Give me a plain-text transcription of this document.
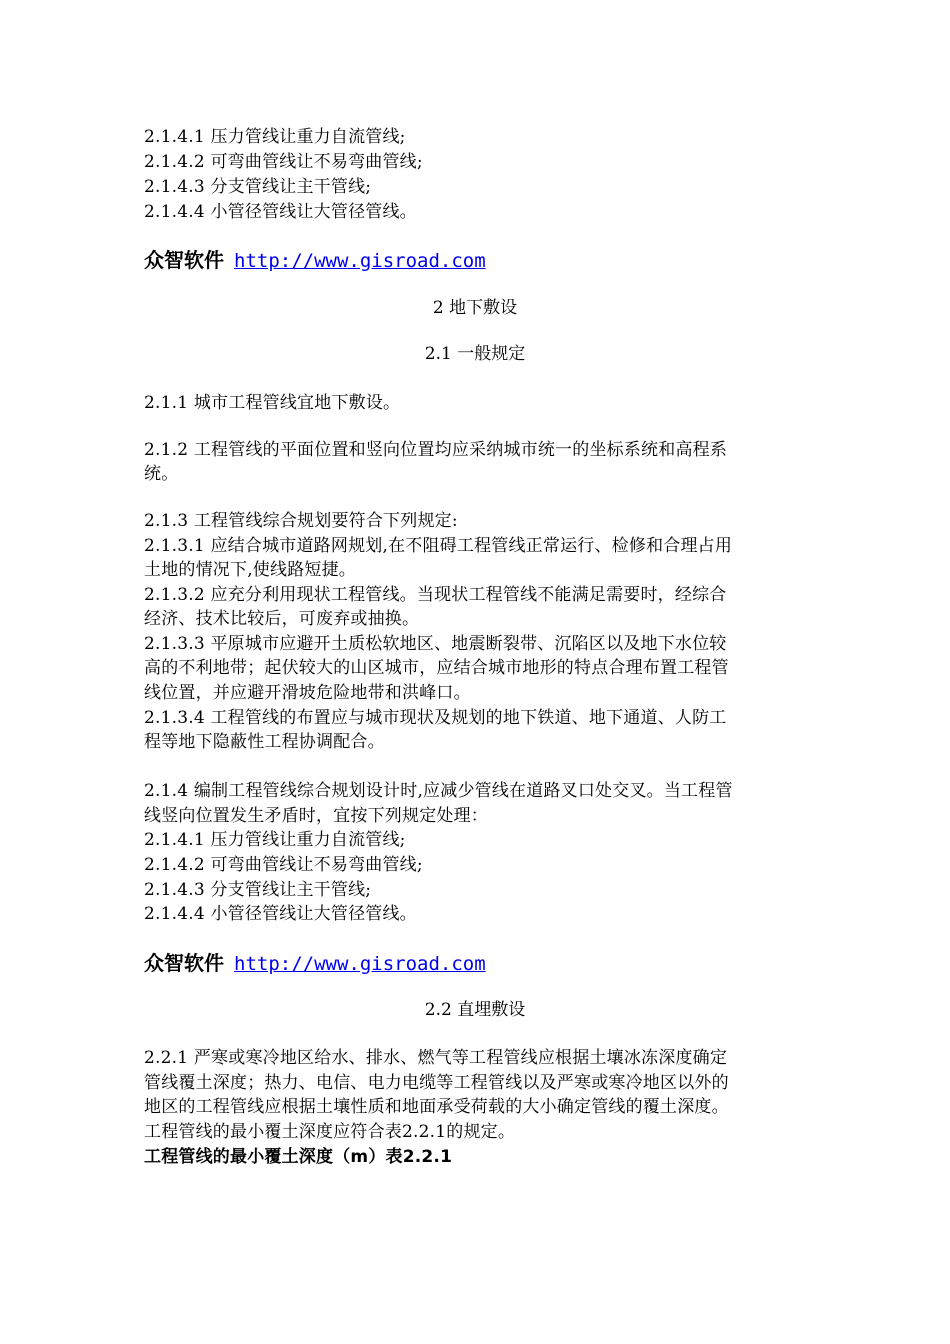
2.1.4.1 压力管线让重力自流管线;
2.1.4.2 可弯曲管线让不易弯曲管线;
2.1.4.3 分支管线让主干管线;
2.1.4.4 小管径管线让大管径管线。
众智软件 http://www.gisroad.com
2 地下敷设
2.1 一般规定
2.1.1 城市工程管线宜地下敷设。
2.1.2 工程管线的平面位置和竖向位置均应采纳城市统一的坐标系统和高程系
统。
2.1.3 工程管线综合规划要符合下列规定:
2.1.3.1 应结合城市道路网规划,在不阻碍工程管线正常运行、检修和合理占用
土地的情况下,使线路短捷。
2.1.3.2 应充分利用现状工程管线。当现状工程管线不能满足需要时，经综合
经济、技术比较后，可废弃或抽换。
2.1.3.3 平原城市应避开土质松软地区、地震断裂带、沉陷区以及地下水位较
高的不利地带；起伏较大的山区城市，应结合城市地形的特点合理布置工程管
线位置，并应避开滑坡危险地带和洪峰口。
2.1.3.4 工程管线的布置应与城市现状及规划的地下铁道、地下通道、人防工
程等地下隐蔽性工程协调配合。
2.1.4 编制工程管线综合规划设计时,应减少管线在道路叉口处交叉。当工程管
线竖向位置发生矛盾时，宜按下列规定处理：
2.1.4.1 压力管线让重力自流管线;
2.1.4.2 可弯曲管线让不易弯曲管线;
2.1.4.3 分支管线让主干管线;
2.1.4.4 小管径管线让大管径管线。
众智软件 http://www.gisroad.com
2.2 直埋敷设
2.2.1 严寒或寒冷地区给水、排水、燃气等工程管线应根据土壤冰冻深度确定
管线覆土深度；热力、电信、电力电缆等工程管线以及严寒或寒冷地区以外的
地区的工程管线应根据土壤性质和地面承受荷载的大小确定管线的覆土深度。
工程管线的最小覆土深度应符合表2.2.1的规定。
工程管线的最小覆土深度（m）表2.2.1
